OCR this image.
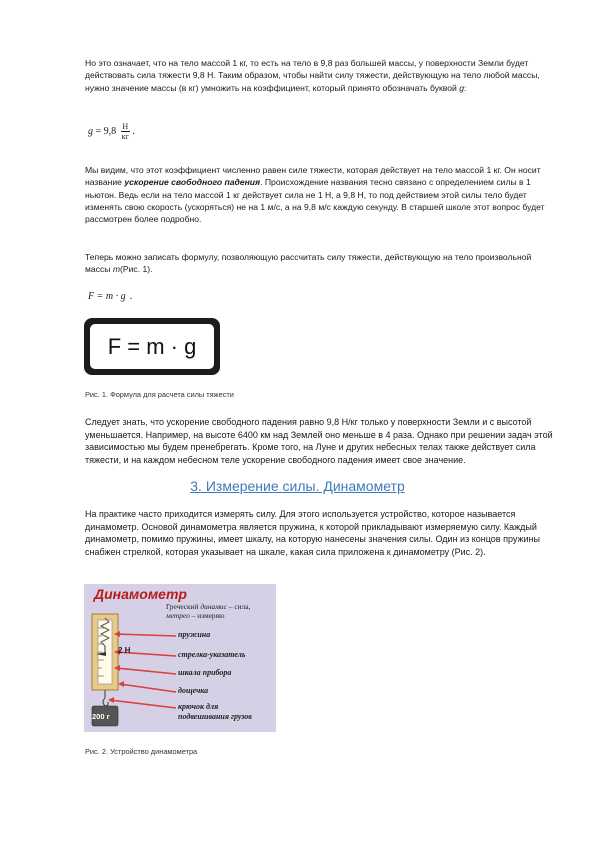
Но это означает, что на тело массой 1 кг, то есть на тело в 9,8 раз большей массы, у поверхности Земли будет действовать сила тяжести 9,8 Н. Таким образом, чтобы найти силу тяжести, действующую на тело любой массы, нужно значение массы (в кг) умножить на коэффициент, который принято обозначать буквой g:

$g = 9,8 \frac{Н}{кг}$ .

Мы видим, что этот коэффициент численно равен силе тяжести, которая действует на тело массой 1 кг. Он носит название ускорение свободного падения. Происхождение названия тесно связано с определением силы в 1 ньютон. Ведь если на тело массой 1 кг действует сила не 1 Н, а 9,8 Н, то под действием этой силы тело будет изменять свою скорость (ускоряться) не на 1 м/с, а на 9,8 м/с каждую секунду. В старшей школе этот вопрос будет рассмотрен более подробно.

Теперь можно записать формулу, позволяющую рассчитать силу тяжести, действующую на тело произвольной массы m(Рис. 1).

F = m · g .
F = m · g
Рис. 1. Формула для расчета силы тяжести

Следует знать, что ускорение свободного падения равно 9,8 Н/кг только у поверхности Земли и с высотой уменьшается. Например, на высоте 6400 км над Землей оно меньше в 4 раза. Однако при решении задач этой зависимостью мы будем пренебрегать. Кроме того, на Луне и других небесных телах также действует сила тяжести, и на каждом небесном теле ускорение свободного падения имеет свое значение.

3. Измерение силы. Динамометр

На практике часто приходится измерять силу. Для этого используется устройство, которое называется динамометр. Основой динамометра является пружина, к которой прикладывают измеряемую силу. Каждый динамометр, помимо пружины, имеет шкалу, на которую нанесены значения силы. Один из концов пружины снабжен стрелкой, которая указывает на шкале, какая сила приложена к динамометру (Рис. 2).

Динамометр
Греческий динамис – сила,
метрео – измеряю
2 Н
200 г
пружина
стрелка-указатель
шкала прибора
дощечка
крючок для
подвешивания грузов
Рис. 2. Устройство динамометра
